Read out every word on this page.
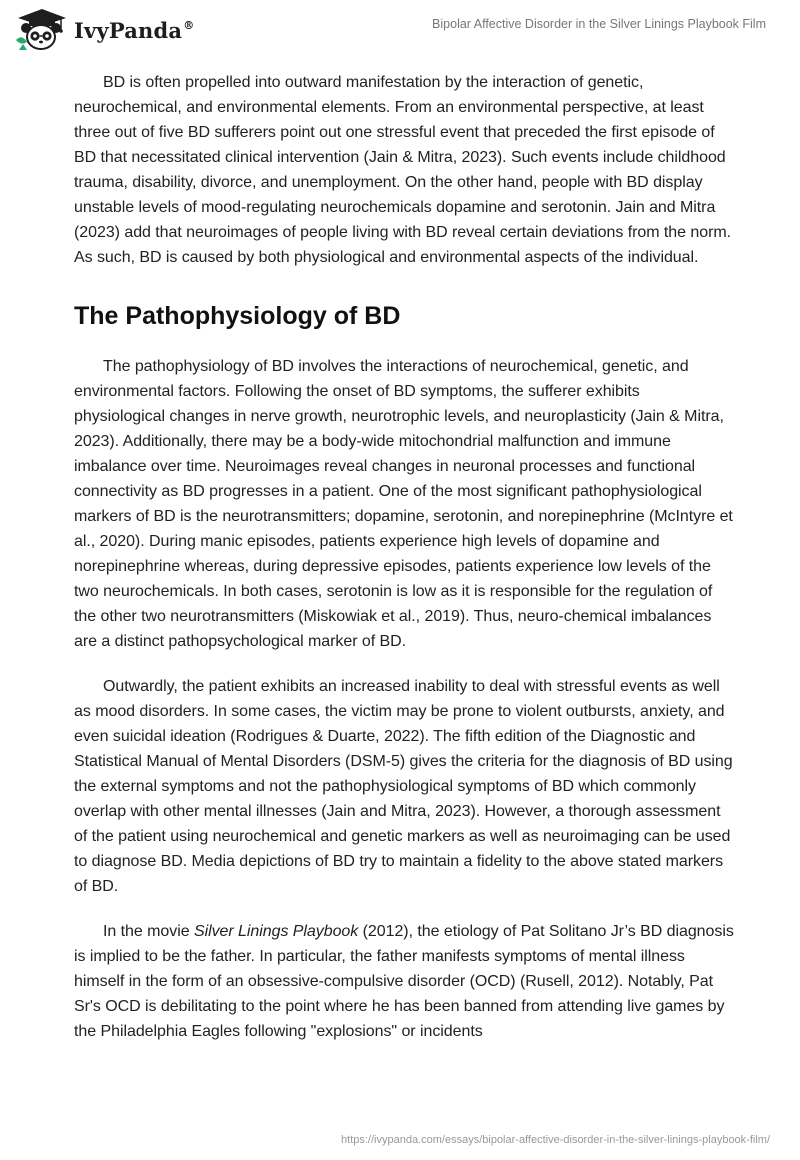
IvyPanda®	Bipolar Affective Disorder in the Silver Linings Playbook Film

BD is often propelled into outward manifestation by the interaction of genetic, neurochemical, and environmental elements. From an environmental perspective, at least three out of five BD sufferers point out one stressful event that preceded the first episode of BD that necessitated clinical intervention (Jain & Mitra, 2023). Such events include childhood trauma, disability, divorce, and unemployment. On the other hand, people with BD display unstable levels of mood-regulating neurochemicals dopamine and serotonin. Jain and Mitra (2023) add that neuroimages of people living with BD reveal certain deviations from the norm. As such, BD is caused by both physiological and environmental aspects of the individual.

The Pathophysiology of BD

The pathophysiology of BD involves the interactions of neurochemical, genetic, and environmental factors. Following the onset of BD symptoms, the sufferer exhibits physiological changes in nerve growth, neurotrophic levels, and neuroplasticity (Jain & Mitra, 2023). Additionally, there may be a body-wide mitochondrial malfunction and immune imbalance over time. Neuroimages reveal changes in neuronal processes and functional connectivity as BD progresses in a patient. One of the most significant pathophysiological markers of BD is the neurotransmitters; dopamine, serotonin, and norepinephrine (McIntyre et al., 2020). During manic episodes, patients experience high levels of dopamine and norepinephrine whereas, during depressive episodes, patients experience low levels of the two neurochemicals. In both cases, serotonin is low as it is responsible for the regulation of the other two neurotransmitters (Miskowiak et al., 2019). Thus, neuro-chemical imbalances are a distinct pathopsychological marker of BD.

Outwardly, the patient exhibits an increased inability to deal with stressful events as well as mood disorders. In some cases, the victim may be prone to violent outbursts, anxiety, and even suicidal ideation (Rodrigues & Duarte, 2022). The fifth edition of the Diagnostic and Statistical Manual of Mental Disorders (DSM-5) gives the criteria for the diagnosis of BD using the external symptoms and not the pathophysiological symptoms of BD which commonly overlap with other mental illnesses (Jain and Mitra, 2023). However, a thorough assessment of the patient using neurochemical and genetic markers as well as neuroimaging can be used to diagnose BD. Media depictions of BD try to maintain a fidelity to the above stated markers of BD.

In the movie Silver Linings Playbook (2012), the etiology of Pat Solitano Jr’s BD diagnosis is implied to be the father. In particular, the father manifests symptoms of mental illness himself in the form of an obsessive-compulsive disorder (OCD) (Rusell, 2012). Notably, Pat Sr's OCD is debilitating to the point where he has been banned from attending live games by the Philadelphia Eagles following "explosions" or incidents

https://ivypanda.com/essays/bipolar-affective-disorder-in-the-silver-linings-playbook-film/
